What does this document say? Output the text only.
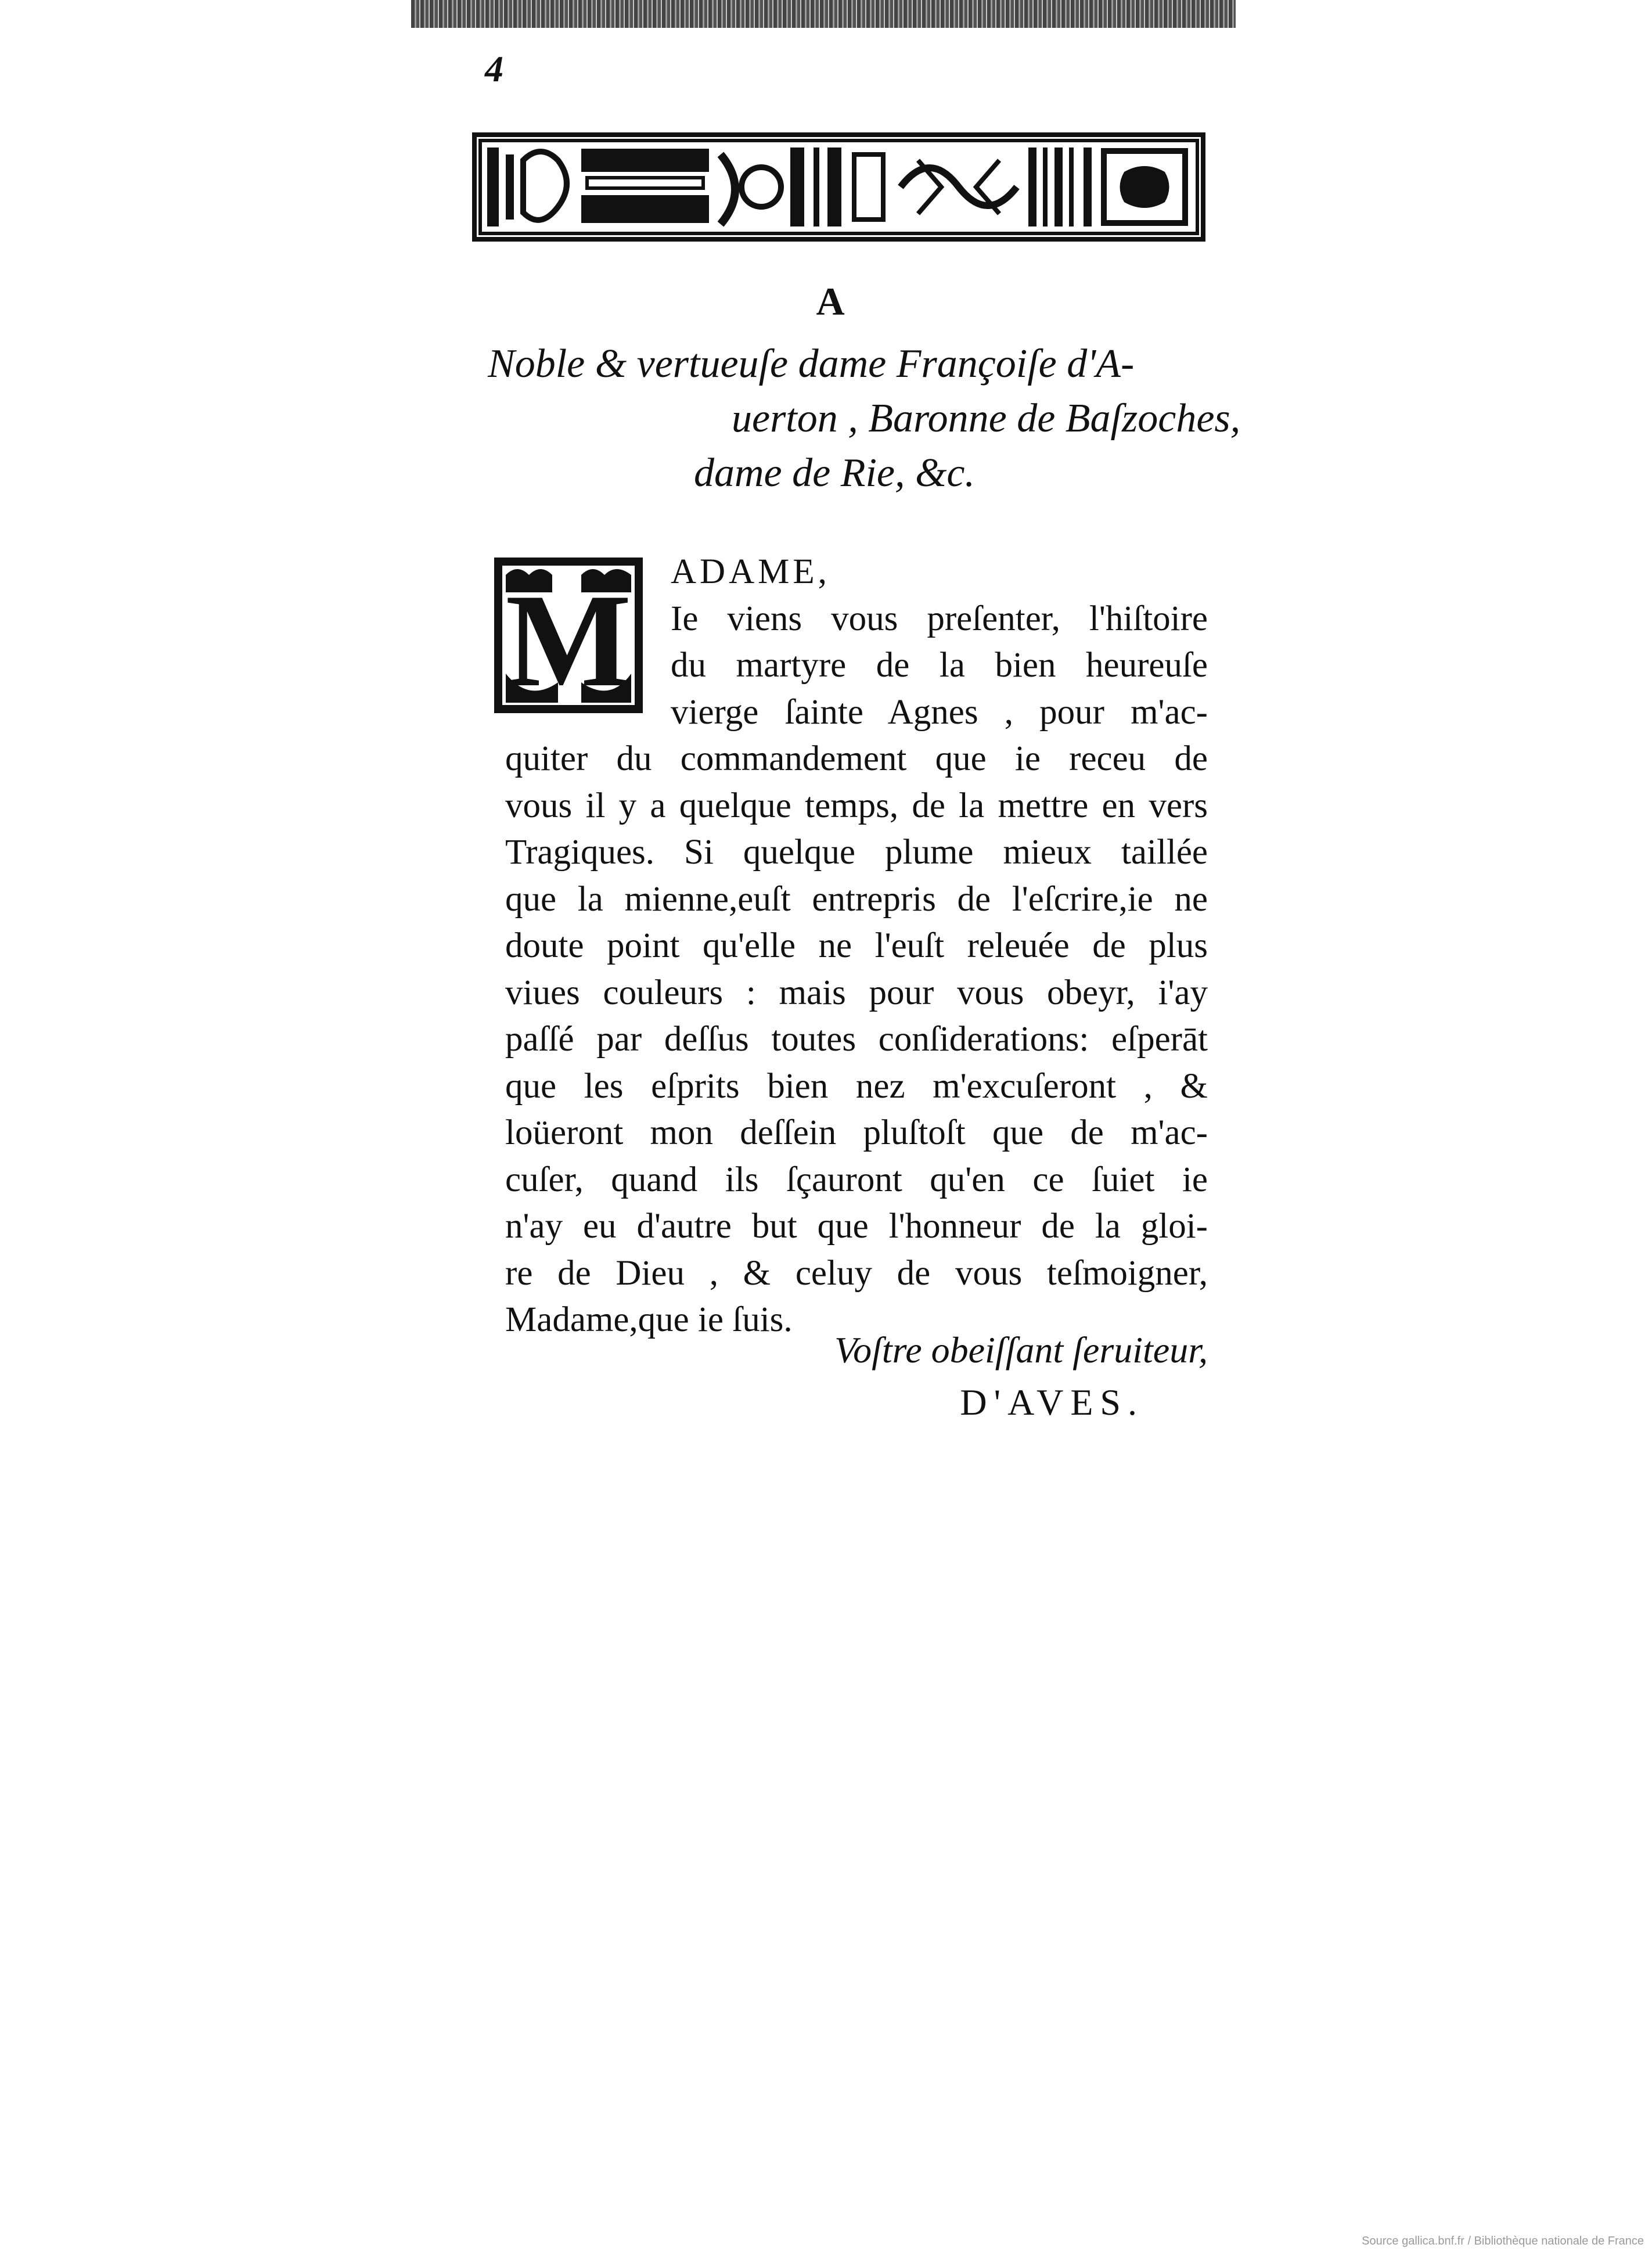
4
A
Noble & vertueuſe dame Françoiſe d'A-
uerton , Baronne de Baſzoches,
dame de Rie, &c.
M	ADAME,
Ie viens vous preſenter, l'hiſtoire
du martyre de la bien heureuſe
vierge ſainte Agnes , pour m'ac-
quiter du commandement que ie receu de
vous il y a quelque temps, de la mettre en vers
Tragiques. Si quelque plume mieux taillée
que la mienne,euſt entrepris de l'eſcrire,ie ne
doute point qu'elle ne l'euſt releuée de plus
viues couleurs : mais pour vous obeyr, i'ay
paſſé par deſſus toutes conſiderations: eſperāt
que les eſprits bien nez m'excuſeront , &
loüeront mon deſſein pluſtoſt que de m'ac-
cuſer, quand ils ſçauront qu'en ce ſuiet ie
n'ay eu d'autre but que l'honneur de la gloi-
re de Dieu , & celuy de vous teſmoigner,
Madame,que ie ſuis.
Voſtre obeiſſant ſeruiteur,
D'AVES.
Source gallica.bnf.fr / Bibliothèque nationale de France
